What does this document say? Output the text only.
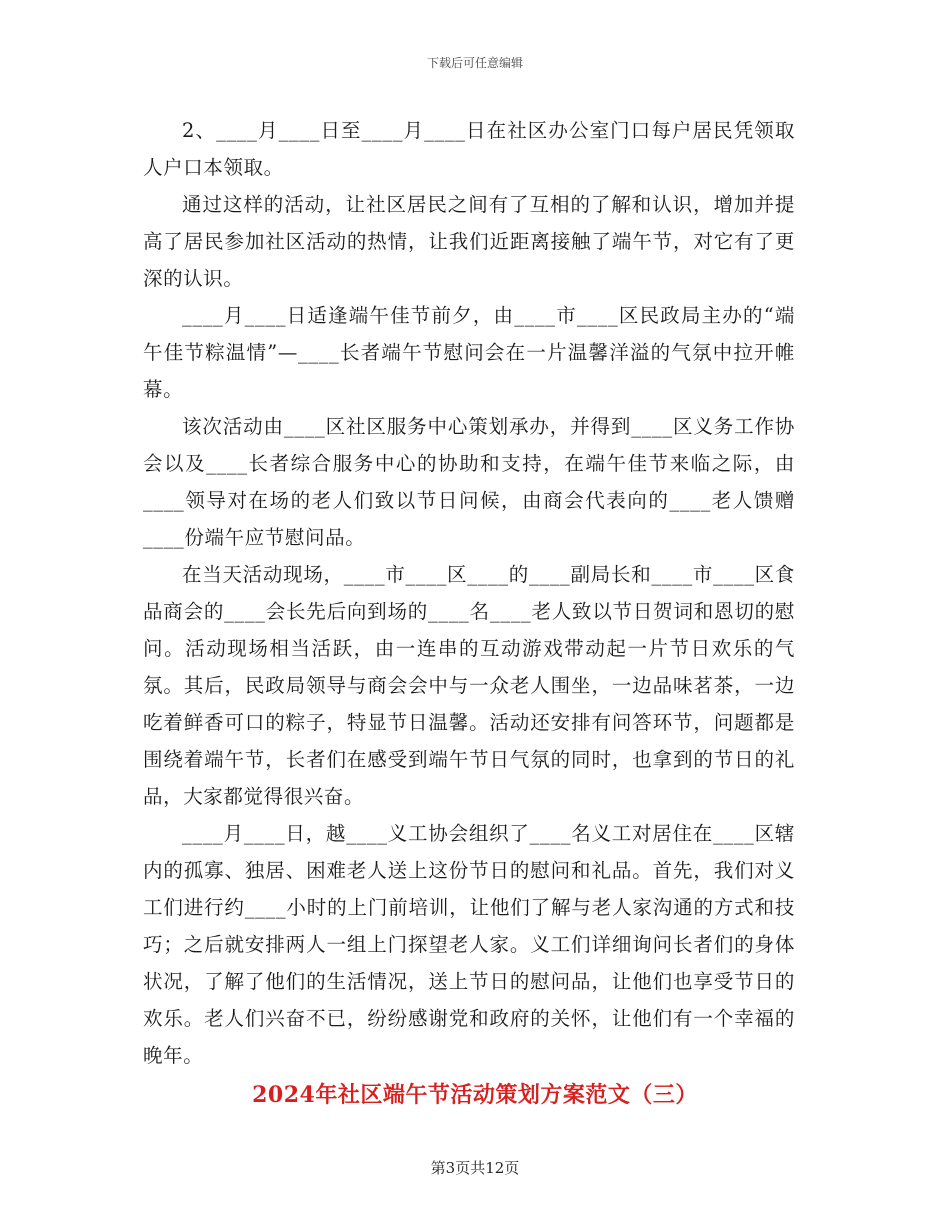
下载后可任意编辑

2、____月____日至____月____日在社区办公室门口每户居民凭领取人户口本领取。

通过这样的活动，让社区居民之间有了互相的了解和认识，增加并提高了居民参加社区活动的热情，让我们近距离接触了端午节，对它有了更深的认识。

____月____日适逢端午佳节前夕，由____市____区民政局主办的“端午佳节粽温情”—____长者端午节慰问会在一片温馨洋溢的气氛中拉开帷幕。

该次活动由____区社区服务中心策划承办，并得到____区义务工作协会以及____长者综合服务中心的协助和支持，在端午佳节来临之际，由____领导对在场的老人们致以节日问候，由商会代表向的____老人馈赠____份端午应节慰问品。

在当天活动现场，____市____区____的____副局长和____市____区食品商会的____会长先后向到场的____名____老人致以节日贺词和恩切的慰问。活动现场相当活跃，由一连串的互动游戏带动起一片节日欢乐的气氛。其后，民政局领导与商会会中与一众老人围坐，一边品味茗茶，一边吃着鲜香可口的粽子，特显节日温馨。活动还安排有问答环节，问题都是围绕着端午节，长者们在感受到端午节日气氛的同时，也拿到的节日的礼品，大家都觉得很兴奋。

____月____日，越____义工协会组织了____名义工对居住在____区辖内的孤寡、独居、困难老人送上这份节日的慰问和礼品。首先，我们对义工们进行约____小时的上门前培训，让他们了解与老人家沟通的方式和技巧；之后就安排两人一组上门探望老人家。义工们详细询问长者们的身体状况，了解了他们的生活情况，送上节日的慰问品，让他们也享受节日的欢乐。老人们兴奋不已，纷纷感谢党和政府的关怀，让他们有一个幸福的晚年。

2024年社区端午节活动策划方案范文（三）
第3页共12页
